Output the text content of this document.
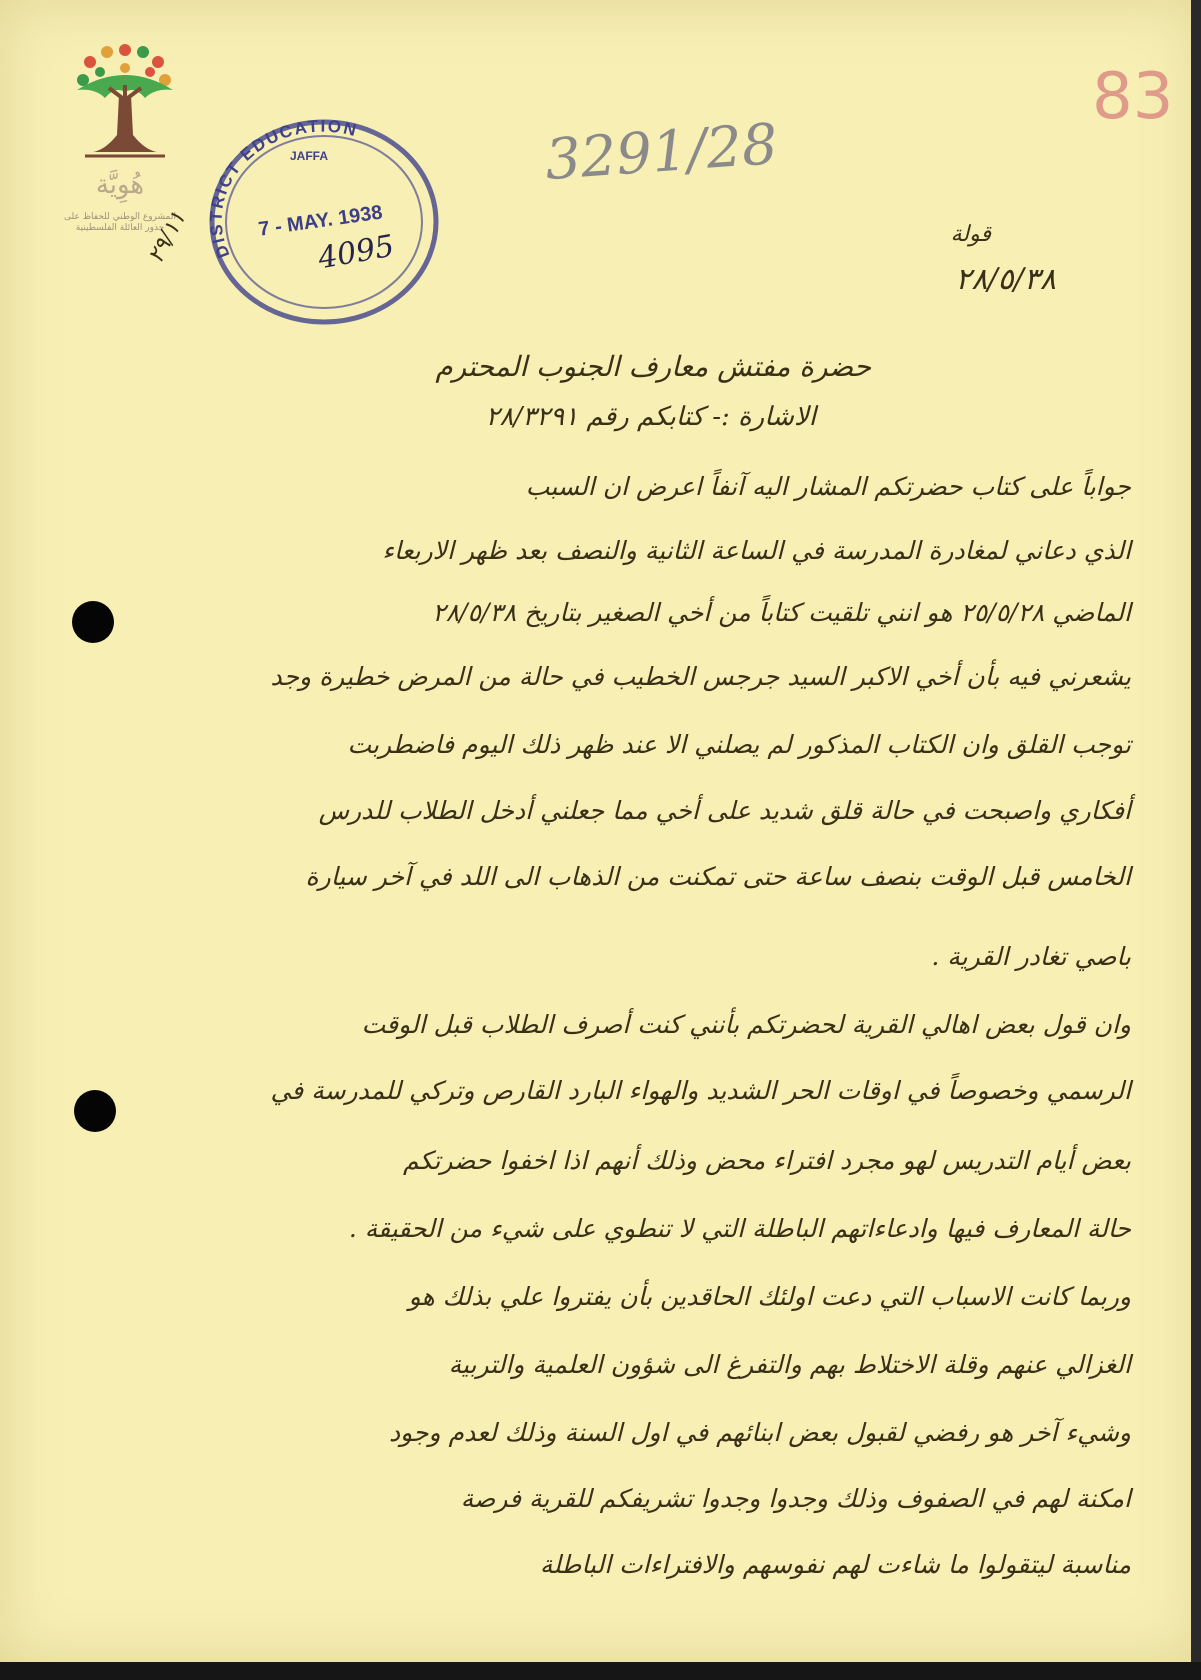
هُوِيَّة
المشروع الوطني للحفاظ على جذور العائلة الفلسطينية
DISTRICT EDUCATION
JAFFA
7 - MAY. 1938
4095
٢٩/١١
3291/28
83
قولة
٢٨/٥/٣٨
حضرة مفتش معارف الجنوب المحترم
الاشارة :- كتابكم رقم ٢٨/٣٢٩١
جواباً على كتاب حضرتكم المشار اليه آنفاً اعرض ان السبب
الذي دعاني لمغادرة المدرسة في الساعة الثانية والنصف بعد ظهر الاربعاء
الماضي ٢٥/٥/٢٨ هو انني تلقيت كتاباً من أخي الصغير بتاريخ ٢٨/٥/٣٨
يشعرني فيه بأن أخي الاكبر السيد جرجس الخطيب في حالة من المرض خطيرة وجد
توجب القلق وان الكتاب المذكور لم يصلني الا عند ظهر ذلك اليوم فاضطربت
أفكاري واصبحت في حالة قلق شديد على أخي مما جعلني أدخل الطلاب للدرس
الخامس قبل الوقت بنصف ساعة حتى تمكنت من الذهاب الى اللد في آخر سيارة
باصي تغادر القرية .
وان قول بعض اهالي القرية لحضرتكم بأنني كنت أصرف الطلاب قبل الوقت
الرسمي وخصوصاً في اوقات الحر الشديد والهواء البارد القارص وتركي للمدرسة في
بعض أيام التدريس لهو مجرد افتراء محض وذلك أنهم اذا اخفوا حضرتكم
حالة المعارف فيها وادعاءاتهم الباطلة التي لا تنطوي على شيء من الحقيقة .
وربما كانت الاسباب التي دعت اولئك الحاقدين بأن يفتروا علي بذلك هو
الغزالي عنهم وقلة الاختلاط بهم والتفرغ الى شؤون العلمية والتربية
وشيء آخر هو رفضي لقبول بعض ابنائهم في اول السنة وذلك لعدم وجود
امكنة لهم في الصفوف وذلك وجدوا وجدوا تشريفكم للقرية فرصة
مناسبة ليتقولوا ما شاءت لهم نفوسهم والافتراءات الباطلة
